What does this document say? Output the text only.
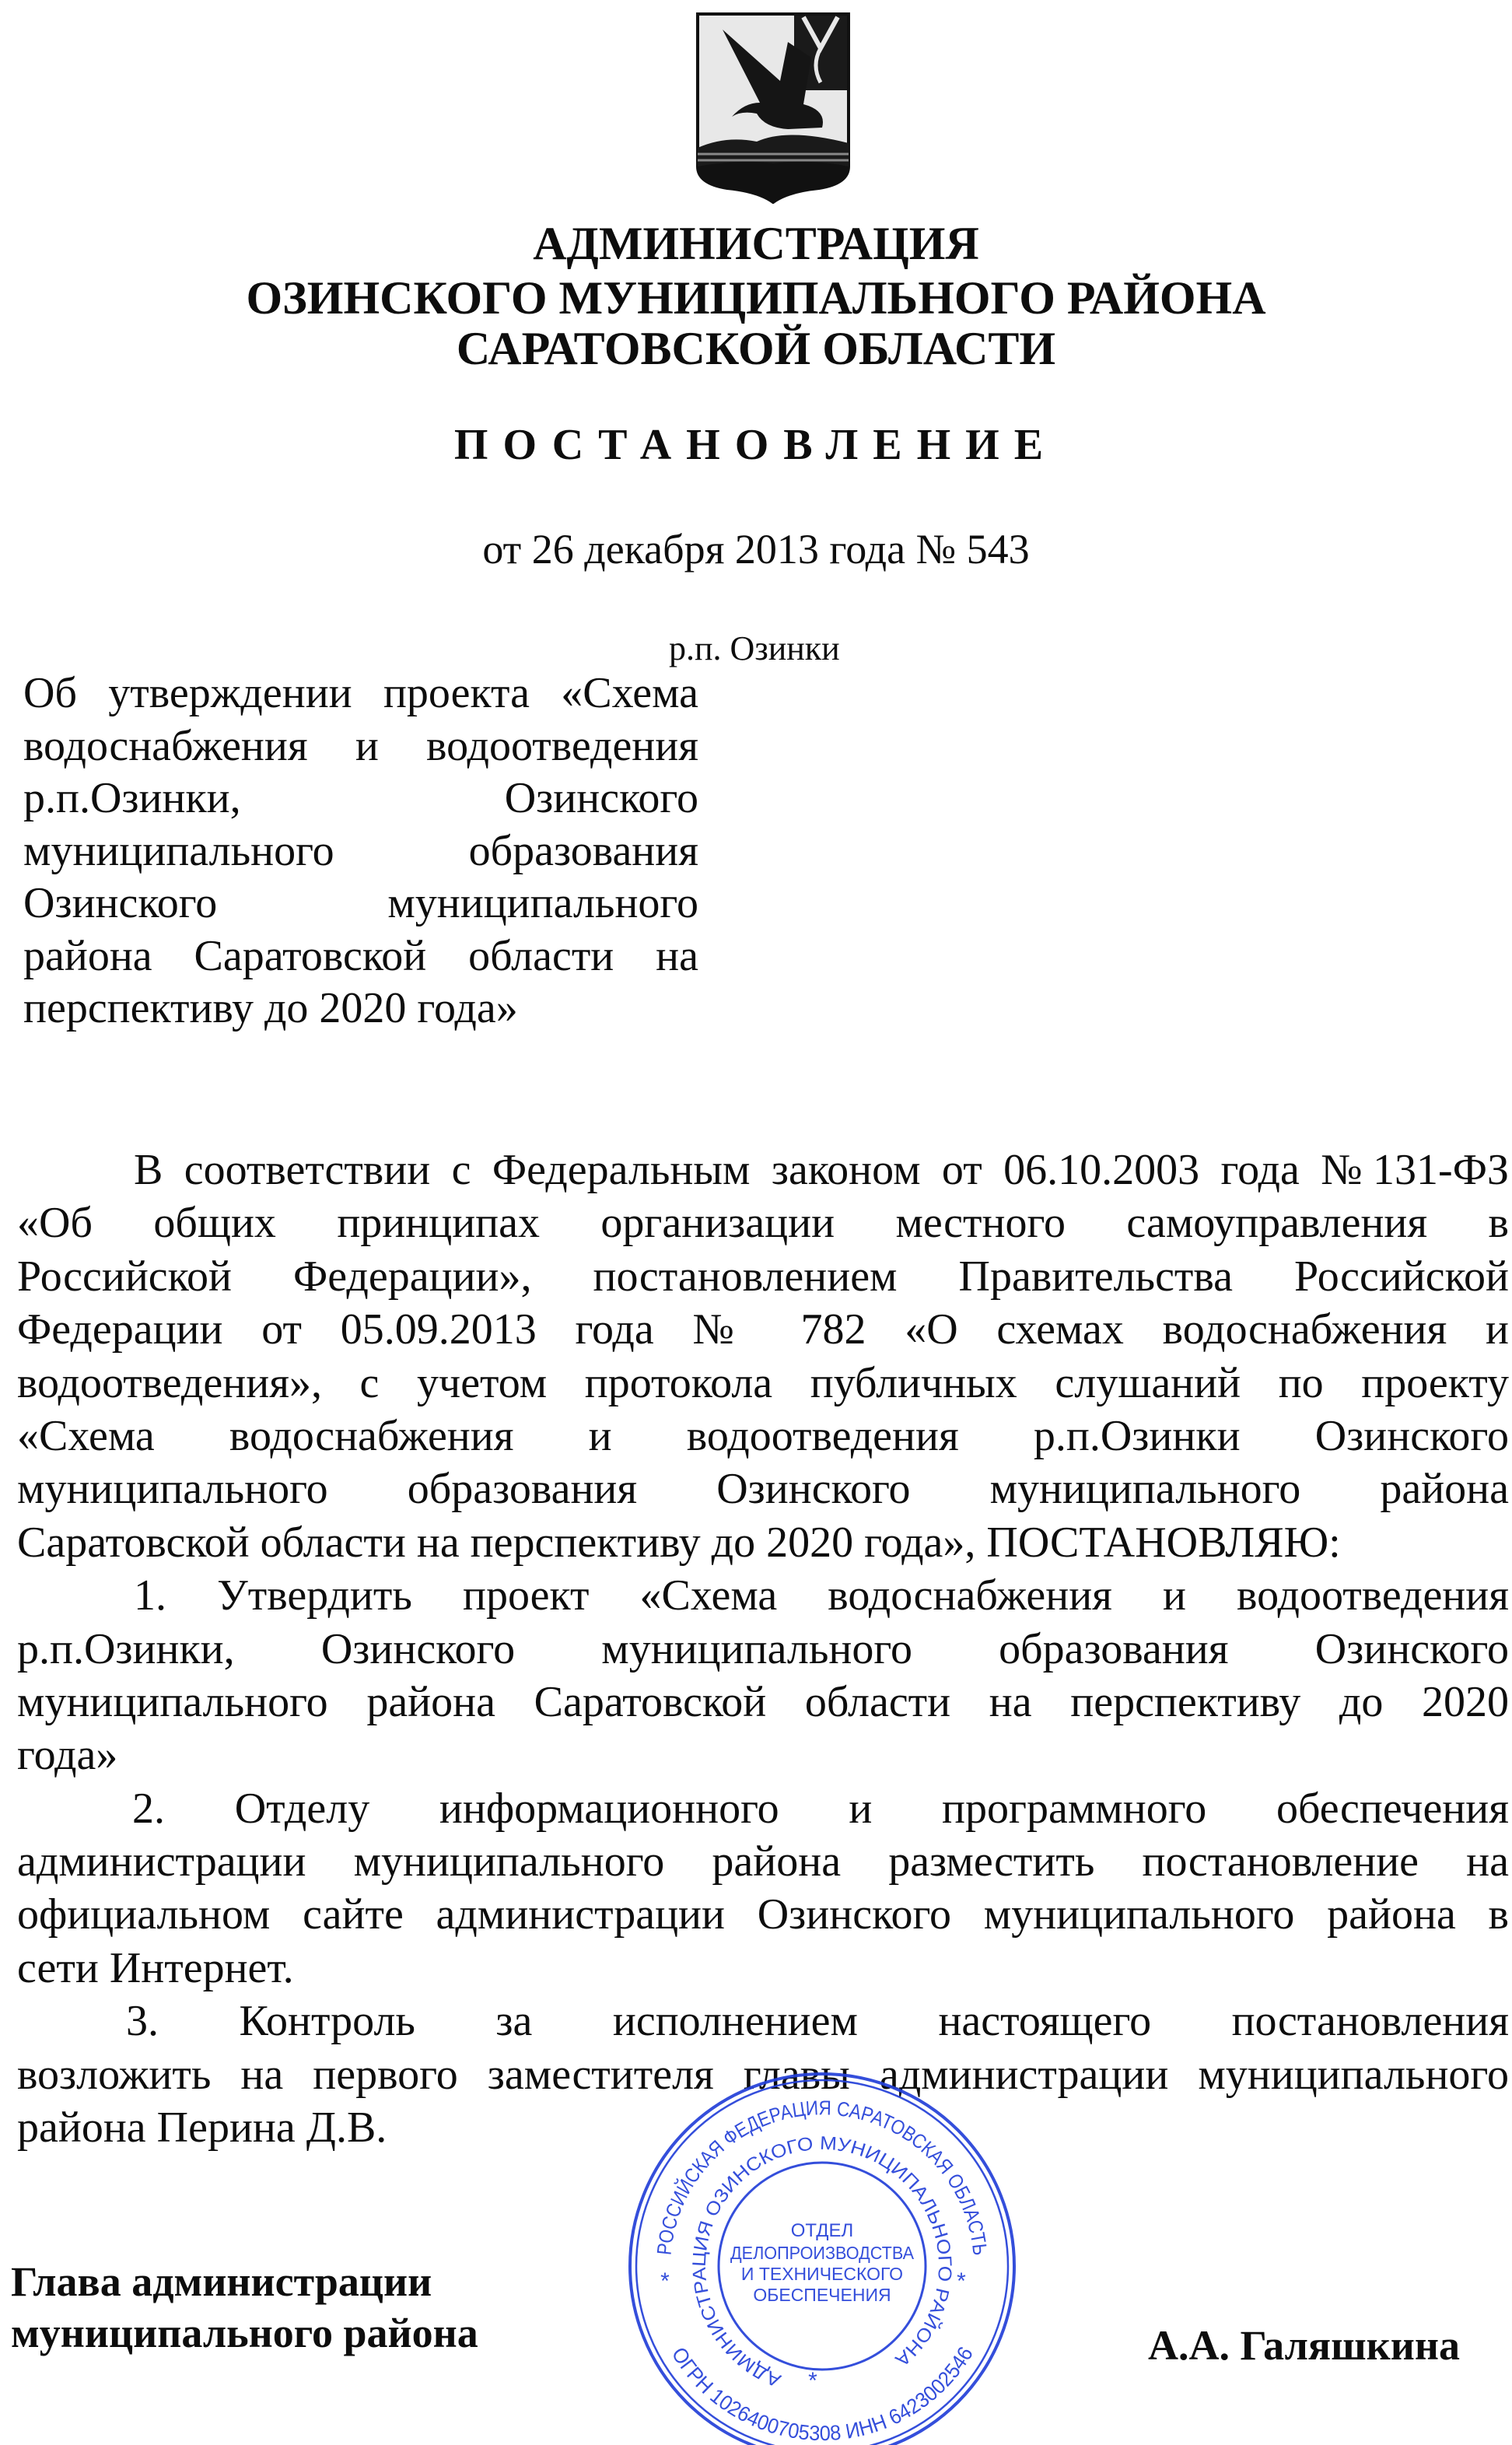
АДМИНИСТРАЦИЯ
ОЗИНСКОГО МУНИЦИПАЛЬНОГО РАЙОНА
САРАТОВСКОЙ ОБЛАСТИ
ПОСТАНОВЛЕНИЕ
от 26 декабря 2013 года № 543
р.п. Озинки
Об утверждении проекта «Схема
водоснабжения и водоотведения
р.п.Озинки, Озинского
муниципального образования
Озинского муниципального
района Саратовской области на
перспективу до 2020 года»
В соответствии с Федеральным законом от 06.10.2003 года №131-ФЗ
«Об общих принципах организации местного самоуправления в
Российской Федерации», постановлением Правительства Российской
Федерации от 05.09.2013 года № 782 «О схемах водоснабжения и
водоотведения», с учетом протокола публичных слушаний по проекту
«Схема водоснабжения и водоотведения р.п.Озинки Озинского
муниципального образования Озинского муниципального района
Саратовской области на перспективу до 2020 года», ПОСТАНОВЛЯЮ:
1. Утвердить проект «Схема водоснабжения и водоотведения
р.п.Озинки, Озинского муниципального образования Озинского
муниципального района Саратовской области на перспективу до 2020
года»
2. Отделу информационного и программного обеспечения
администрации муниципального района разместить постановление на
официальном сайте администрации Озинского муниципального района в
сети Интернет.
3. Контроль за исполнением настоящего постановления
возложить на первого заместителя главы администрации муниципального
района Перина Д.В.
Глава администрации
муниципального района	А.А. Галяшкина
РОССИЙСКАЯ ФЕДЕРАЦИЯ САРАТОВСКАЯ ОБЛАСТЬ
ОГРН 1026400705308 ИНН 6423002546
АДМИНИСТРАЦИЯ ОЗИНСКОГО МУНИЦИПАЛЬНОГО РАЙОНА
ОТДЕЛ
ДЕЛОПРОИЗВОДСТВА
И ТЕХНИЧЕСКОГО
ОБЕСПЕЧЕНИЯ
*	*
*
